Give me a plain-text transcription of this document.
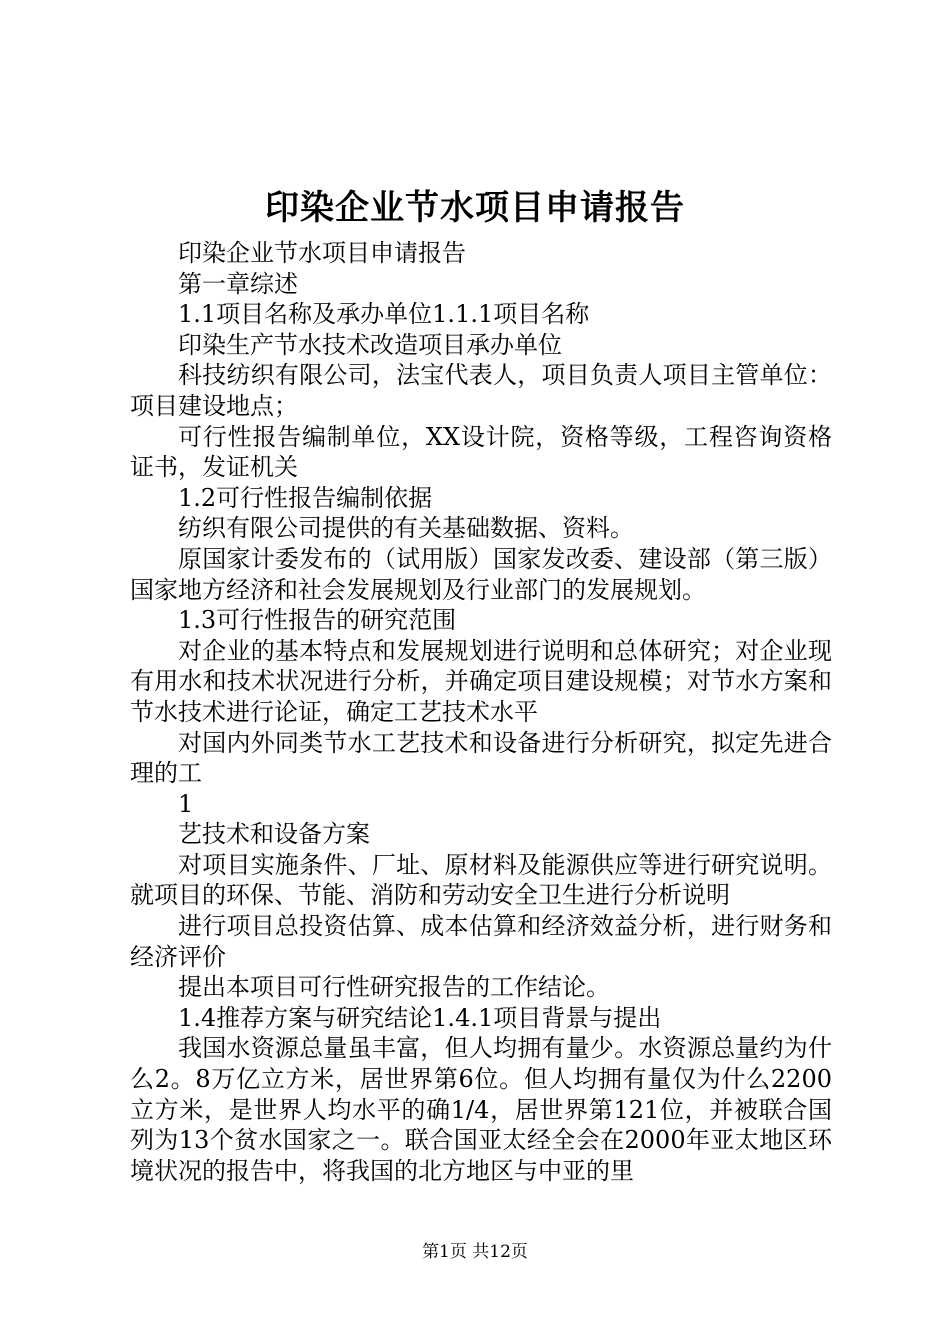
印染企业节水项目申请报告

印染企业节水项目申请报告

第一章综述

1.1项目名称及承办单位1.1.1项目名称

印染生产节水技术改造项目承办单位

科技纺织有限公司，法宝代表人，项目负责人项目主管单位：项目建设地点；

可行性报告编制单位，XX设计院，资格等级，工程咨询资格证书，发证机关

1.2可行性报告编制依据

纺织有限公司提供的有关基础数据、资料。

原国家计委发布的（试用版）国家发改委、建设部（第三版）国家地方经济和社会发展规划及行业部门的发展规划。

1.3可行性报告的研究范围

对企业的基本特点和发展规划进行说明和总体研究；对企业现有用水和技术状况进行分析，并确定项目建设规模；对节水方案和节水技术进行论证，确定工艺技术水平

对国内外同类节水工艺技术和设备进行分析研究，拟定先进合理的工

1

艺技术和设备方案

对项目实施条件、厂址、原材料及能源供应等进行研究说明。就项目的环保、节能、消防和劳动安全卫生进行分析说明

进行项目总投资估算、成本估算和经济效益分析，进行财务和经济评价

提出本项目可行性研究报告的工作结论。

1.4推荐方案与研究结论1.4.1项目背景与提出

我国水资源总量虽丰富，但人均拥有量少。水资源总量约为什么2。8万亿立方米，居世界第6位。但人均拥有量仅为什么2200立方米，是世界人均水平的确1/4，居世界第121位，并被联合国列为13个贫水国家之一。联合国亚太经全会在2000年亚太地区环境状况的报告中，将我国的北方地区与中亚的里

第1页 共12页
